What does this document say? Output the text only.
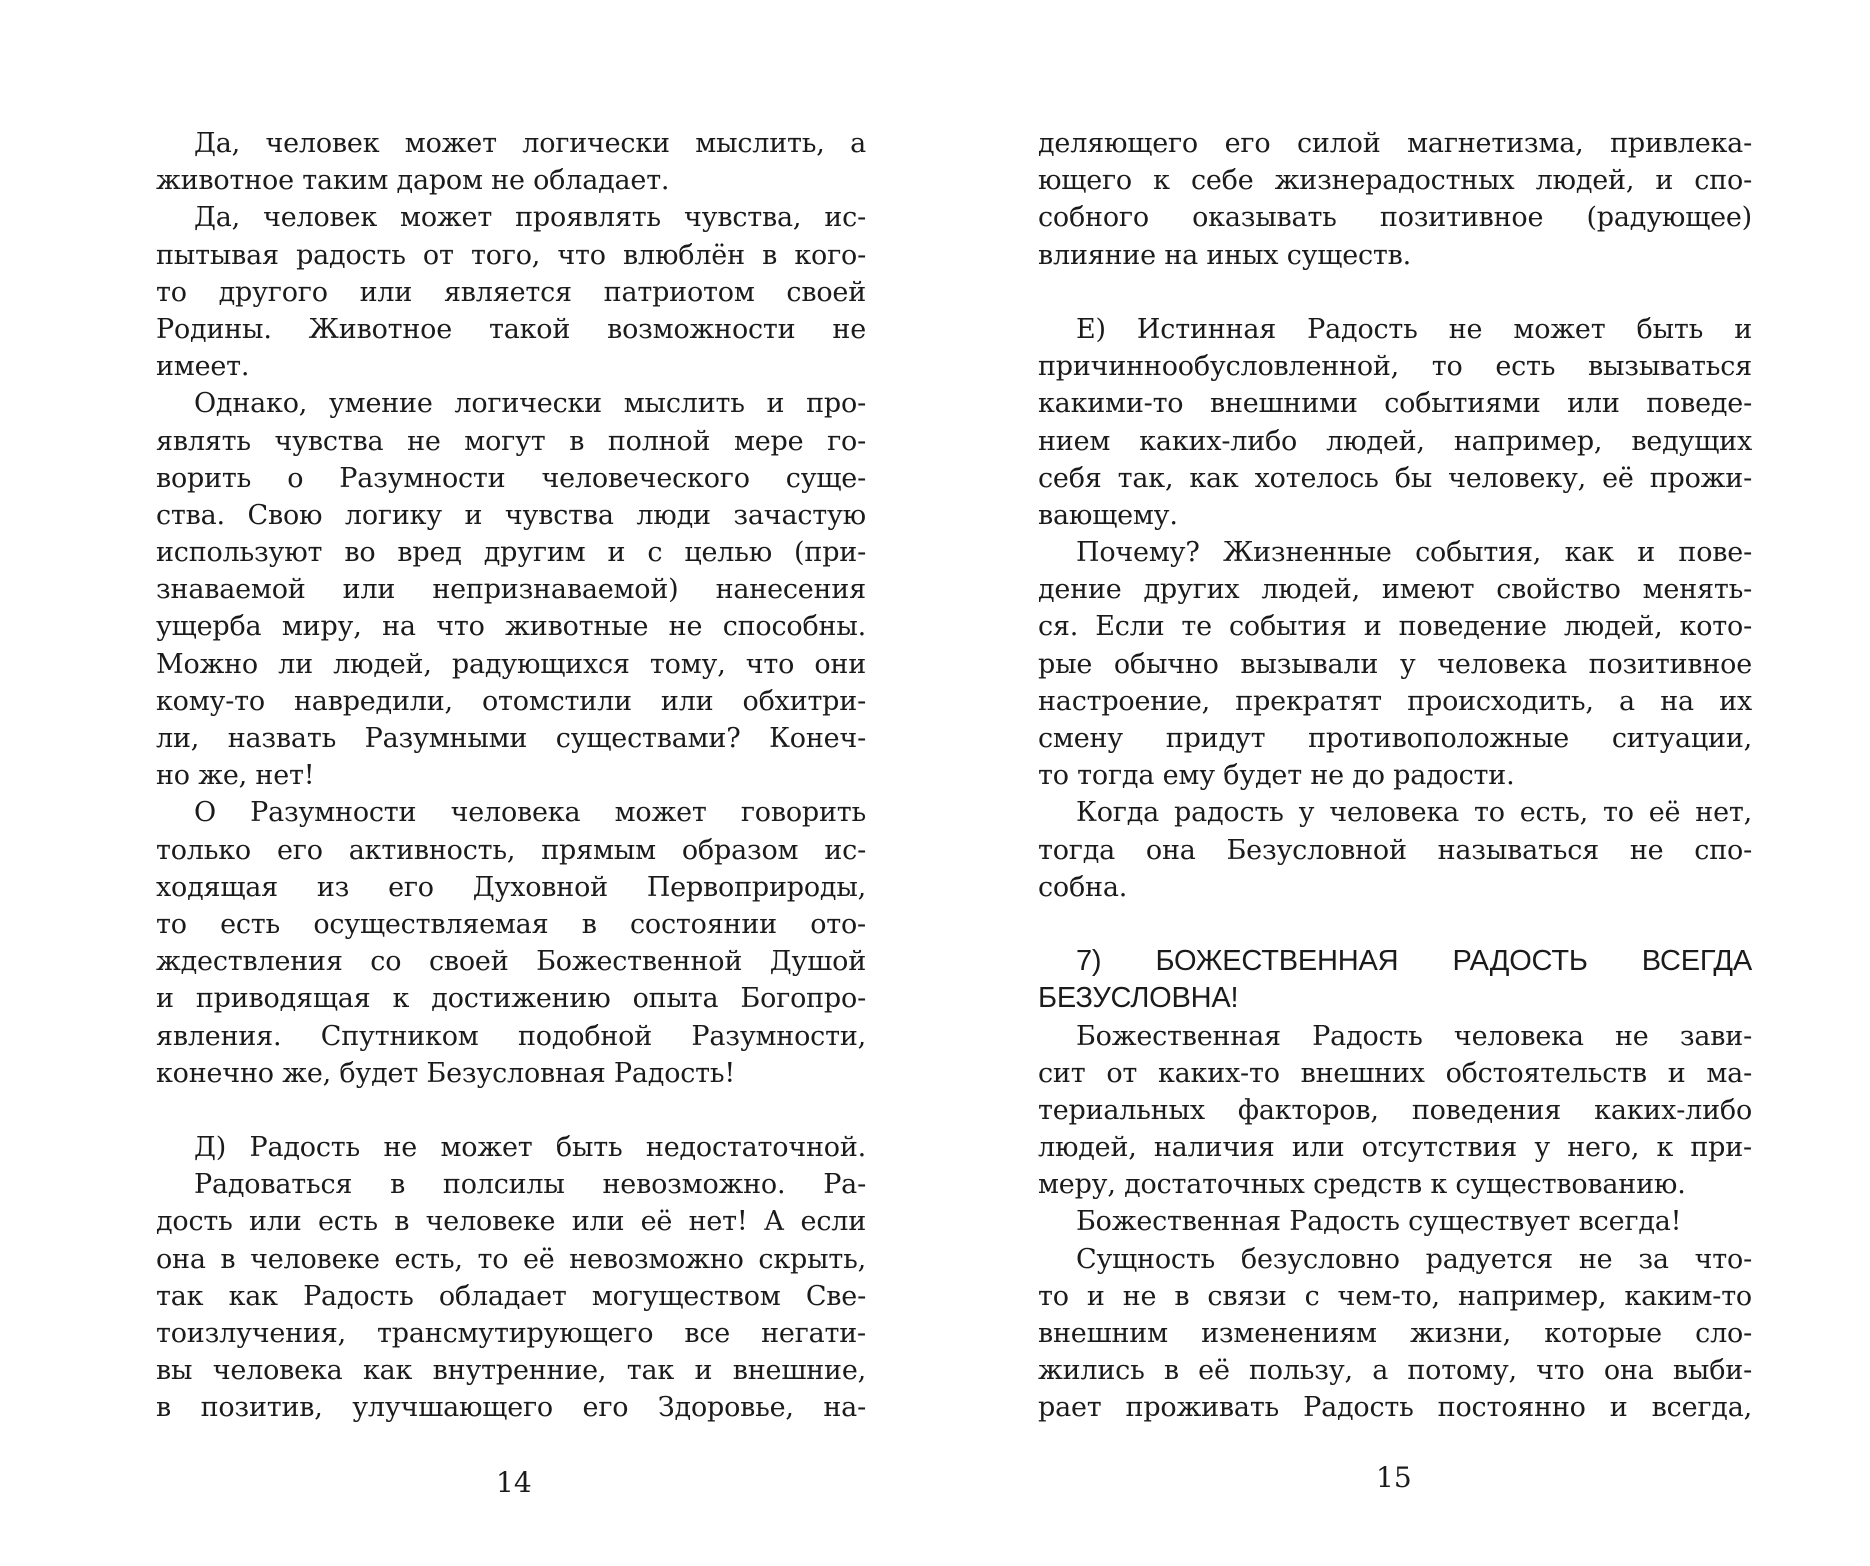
Да, человек может логически мыслить, а
животное таким даром не обладает.
Да, человек может проявлять чувства, ис-
пытывая радость от того, что влюблён в кого-
то другого или является патриотом своей
Родины. Животное такой возможности не
имеет.
Однако, умение логически мыслить и про-
являть чувства не могут в полной мере го-
ворить о Разумности человеческого суще-
ства. Свою логику и чувства люди зачастую
используют во вред другим и с целью (при-
знаваемой или непризнаваемой) нанесения
ущерба миру, на что животные не способны.
Можно ли людей, радующихся тому, что они
кому-то навредили, отомстили или обхитри-
ли, назвать Разумными существами? Конеч-
но же, нет!
О Разумности человека может говорить
только его активность, прямым образом ис-
ходящая из его Духовной Первоприроды,
то есть осуществляемая в состоянии ото-
ждествления со своей Божественной Душой
и приводящая к достижению опыта Богопро-
явления. Спутником подобной Разумности,
конечно же, будет Безусловная Радость!
Д) Радость не может быть недостаточной.
Радоваться в полсилы невозможно. Ра-
дость или есть в человеке или её нет! А если
она в человеке есть, то её невозможно скрыть,
так как Радость обладает могуществом Све-
тоизлучения, трансмутирующего все негати-
вы человека как внутренние, так и внешние,
в позитив, улучшающего его Здоровье, на-
деляющего его силой магнетизма, привлека-
ющего к себе жизнерадостных людей, и спо-
собного оказывать позитивное (радующее)
влияние на иных существ.
Е) Истинная Радость не может быть и
причинноoбусловленной, то есть вызываться
какими-то внешними событиями или поведе-
нием каких-либо людей, например, ведущих
себя так, как хотелось бы человеку, её прожи-
вающему.
Почему? Жизненные события, как и пове-
дение других людей, имеют свойство менять-
ся. Если те события и поведение людей, кото-
рые обычно вызывали у человека позитивное
настроение, прекратят происходить, а на их
смену придут противоположные ситуации,
то тогда ему будет не до радости.
Когда радость у человека то есть, то её нет,
тогда она Безусловной называться не спо-
собна.
7) БОЖЕСТВЕННАЯ РАДОСТЬ ВСЕГДА
БЕЗУСЛОВНА!
Божественная Радость человека не зави-
сит от каких-то внешних обстоятельств и ма-
териальных факторов, поведения каких-либо
людей, наличия или отсутствия у него, к при-
меру, достаточных средств к существованию.
Божественная Радость существует всегда!
Сущность безусловно радуется не за что-
то и не в связи с чем-то, например, каким-то
внешним изменениям жизни, которые сло-
жились в её пользу, а потому, что она выби-
рает проживать Радость постоянно и всегда,
14	15
